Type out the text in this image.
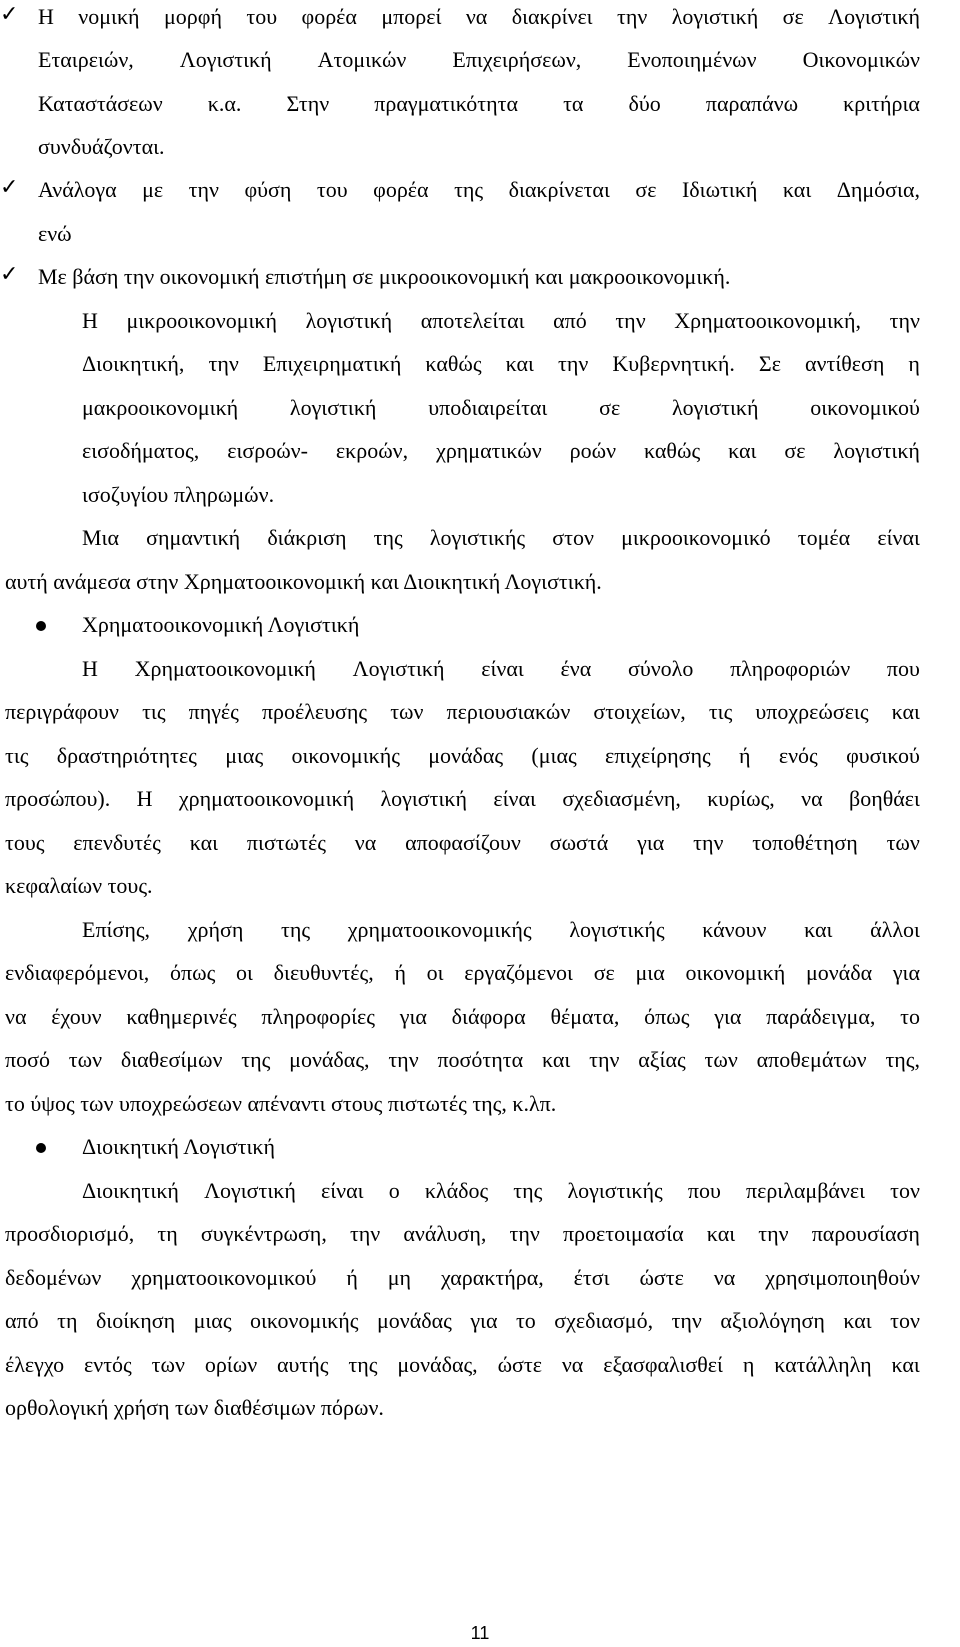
✓ Η νομική μορφή του φορέα μπορεί να διακρίνει την λογιστική σε Λογιστική
Εταιρειών, Λογιστική Ατομικών Επιχειρήσεων, Ενοποιημένων Οικονομικών
Καταστάσεων κ.α. Στην πραγματικότητα τα δύο παραπάνω κριτήρια
συνδυάζονται.
✓ Ανάλογα με την φύση του φορέα της διακρίνεται σε Ιδιωτική και Δημόσια,
ενώ
✓ Με βάση την οικονομική επιστήμη σε μικροοικονομική και μακροοικονομική.
Η μικροοικονομική λογιστική αποτελείται από την Χρηματοοικονομική, την
Διοικητική, την Επιχειρηματική καθώς και την Κυβερνητική. Σε αντίθεση η
μακροοικονομική λογιστική υποδιαιρείται σε λογιστική οικονομικού
εισοδήματος, εισροών- εκροών, χρηματικών ροών καθώς και σε λογιστική
ισοζυγίου πληρωμών.
Μια σημαντική διάκριση της λογιστικής στον μικροοικονομικό τομέα είναι
αυτή ανάμεσα στην Χρηματοοικονομική και Διοικητική Λογιστική.
Χρηματοοικονομική Λογιστική
Η Χρηματοοικονομική Λογιστική είναι ένα σύνολο πληροφοριών που
περιγράφουν τις πηγές προέλευσης των περιουσιακών στοιχείων, τις υποχρεώσεις και
τις δραστηριότητες μιας οικονομικής μονάδας (μιας επιχείρησης ή ενός φυσικού
προσώπου). Η χρηματοοικονομική λογιστική είναι σχεδιασμένη, κυρίως, να βοηθάει
τους επενδυτές και πιστωτές να αποφασίζουν σωστά για την τοποθέτηση των
κεφαλαίων τους.
Επίσης, χρήση της χρηματοοικονομικής λογιστικής κάνουν και άλλοι
ενδιαφερόμενοι, όπως οι διευθυντές, ή οι εργαζόμενοι σε μια οικονομική μονάδα για
να έχουν καθημερινές πληροφορίες για διάφορα θέματα, όπως για παράδειγμα, το
ποσό των διαθεσίμων της μονάδας, την ποσότητα και την αξίας των αποθεμάτων της,
το ύψος των υποχρεώσεων απέναντι στους πιστωτές της, κ.λπ.
Διοικητική Λογιστική
Διοικητική Λογιστική είναι ο κλάδος της λογιστικής που περιλαμβάνει τον
προσδιορισμό, τη συγκέντρωση, την ανάλυση, την προετοιμασία και την παρουσίαση
δεδομένων χρηματοοικονομικού ή μη χαρακτήρα, έτσι ώστε να χρησιμοποιηθούν
από τη διοίκηση μιας οικονομικής μονάδας για το σχεδιασμό, την αξιολόγηση και τον
έλεγχο εντός των ορίων αυτής της μονάδας, ώστε να εξασφαλισθεί η κατάλληλη και
ορθολογική χρήση των διαθέσιμων πόρων.
11
